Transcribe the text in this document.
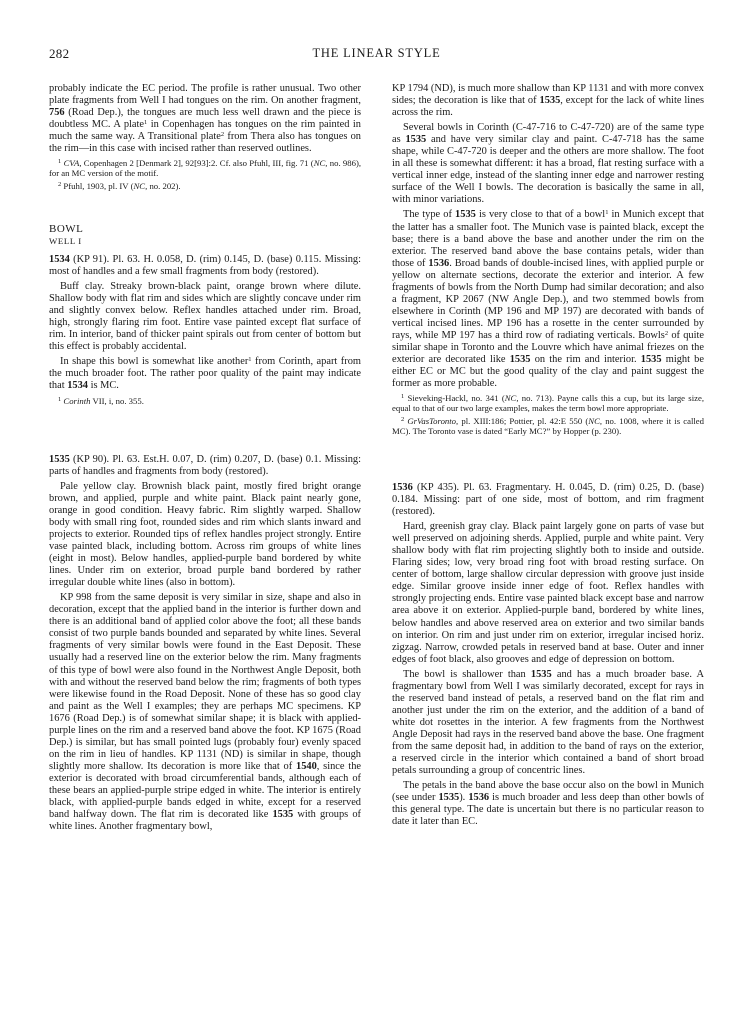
282	THE LINEAR STYLE

probably indicate the EC period. The profile is rather unusual. Two other plate fragments from Well I had tongues on the rim. On another fragment, 756 (Road Dep.), the tongues are much less well drawn and the piece is doubtless MC. A plate$^1$ in Copenhagen has tongues on the rim painted in much the same way. A Transitional plate$^2$ from Thera also has tongues on the rim—in this case with incised rather than reserved outlines.

$^1$ CVA, Copenhagen 2 [Denmark 2], 92[93]:2. Cf. also Pfuhl, III, fig. 71 (NC, no. 986), for an MC version of the motif.

$^2$ Pfuhl, 1903, pl. IV (NC, no. 202).

BOWL

WELL I

1534 (KP 91). Pl. 63. H. 0.058, D. (rim) 0.145, D. (base) 0.115. Missing: most of handles and a few small fragments from body (restored).

Buff clay. Streaky brown-black paint, orange brown where dilute. Shallow body with flat rim and sides which are slightly concave under rim and slightly convex below. Reflex handles attached under rim. Broad, high, strongly flaring rim foot. Entire vase painted except flat surface of rim. In interior, band of thicker paint spirals out from center of bottom but this effect is probably accidental.

In shape this bowl is somewhat like another$^1$ from Corinth, apart from the much broader foot. The rather poor quality of the paint may indicate that 1534 is MC.

$^1$ Corinth VII, i, no. 355.

1535 (KP 90). Pl. 63. Est.H. 0.07, D. (rim) 0.207, D. (base) 0.1. Missing: parts of handles and fragments from body (restored).

Pale yellow clay. Brownish black paint, mostly fired bright orange brown, and applied, purple and white paint. Black paint nearly gone, orange in good condition. Heavy fabric. Rim slightly warped. Shallow body with small ring foot, rounded sides and rim which slants inward and projects to exterior. Rounded tips of reflex handles project strongly. Entire vase painted black, including bottom. Across rim groups of white lines (eight in most). Below handles, applied-purple band bordered by white lines. Under rim on exterior, broad purple band bordered by rather irregular double white lines (also in bottom).

KP 998 from the same deposit is very similar in size, shape and also in decoration, except that the applied band in the interior is further down and there is an additional band of applied color above the foot; all these bands consist of two purple bands bounded and separated by white lines. Several fragments of very similar bowls were found in the East Deposit. These usually had a reserved line on the exterior below the rim. Many fragments of this type of bowl were also found in the Northwest Angle Deposit, both with and without the reserved band below the rim; fragments of both types were likewise found in the Road Deposit. None of these has so good clay and paint as the Well I examples; they are perhaps MC specimens. KP 1676 (Road Dep.) is of somewhat similar shape; it is black with applied-purple lines on the rim and a reserved band above the foot. KP 1675 (Road Dep.) is similar, but has small pointed lugs (probably four) evenly spaced on the rim in lieu of handles. KP 1131 (ND) is similar in shape, though slightly more shallow. Its decoration is more like that of 1540, since the exterior is decorated with broad circumferential bands, although each of these bears an applied-purple stripe edged in white. The interior is entirely black, with applied-purple bands edged in white, except for a reserved band halfway down. The flat rim is decorated like 1535 with groups of white lines. Another fragmentary bowl,

KP 1794 (ND), is much more shallow than KP 1131 and with more convex sides; the decoration is like that of 1535, except for the lack of white lines across the rim.

Several bowls in Corinth (C-47-716 to C-47-720) are of the same type as 1535 and have very similar clay and paint. C-47-718 has the same shape, while C-47-720 is deeper and the others are more shallow. The foot in all these is somewhat different: it has a broad, flat resting surface with a vertical inner edge, instead of the slanting inner edge and narrower resting surface of the Well I bowls. The decoration is basically the same in all, with minor variations.

The type of 1535 is very close to that of a bowl$^1$ in Munich except that the latter has a smaller foot. The Munich vase is painted black, except the base; there is a band above the base and another under the rim on the exterior. The reserved band above the base contains petals, wider than those of 1536. Broad bands of double-incised lines, with applied purple or yellow on alternate sections, decorate the exterior and interior. A few fragments of bowls from the North Dump had similar decoration; and also a fragment, KP 2067 (NW Angle Dep.), and two stemmed bowls from elsewhere in Corinth (MP 196 and MP 197) are decorated with bands of vertical incised lines. MP 196 has a rosette in the center surrounded by rays, while MP 197 has a third row of radiating verticals. Bowls$^2$ of quite similar shape in Toronto and the Louvre which have animal friezes on the exterior are decorated like 1535 on the rim and interior. 1535 might be either EC or MC but the good quality of the clay and paint suggest the former as more probable.

$^1$ Sieveking-Hackl, no. 341 (NC, no. 713). Payne calls this a cup, but its large size, equal to that of our two large examples, makes the term bowl more appropriate.

$^2$ GrVasToronto, pl. XIII:186; Pottier, pl. 42:E 550 (NC, no. 1008, where it is called MC). The Toronto vase is dated “Early MC?” by Hopper (p. 230).

1536 (KP 435). Pl. 63. Fragmentary. H. 0.045, D. (rim) 0.25, D. (base) 0.184. Missing: part of one side, most of bottom, and rim fragment (restored).

Hard, greenish gray clay. Black paint largely gone on parts of vase but well preserved on adjoining sherds. Applied, purple and white paint. Very shallow body with flat rim projecting slightly both to inside and outside. Flaring sides; low, very broad ring foot with broad resting surface. On center of bottom, large shallow circular depression with groove just inside edge. Similar groove inside inner edge of foot. Reflex handles with strongly projecting ends. Entire vase painted black except base and narrow area above it on exterior. Applied-purple band, bordered by white lines, below handles and above reserved area on exterior and two similar bands on interior. On rim and just under rim on exterior, irregular incised horiz. zigzag. Narrow, crowded petals in reserved band at base. Outer and inner edges of foot black, also grooves and edge of depression on bottom.

The bowl is shallower than 1535 and has a much broader base. A fragmentary bowl from Well I was similarly decorated, except for rays in the reserved band instead of petals, a reserved band on the flat rim and another just under the rim on the exterior, and the addition of a band of white dot rosettes in the interior. A few fragments from the Northwest Angle Deposit had rays in the reserved band above the base. One fragment from the same deposit had, in addition to the band of rays on the exterior, a reserved circle in the interior which contained a band of short broad petals surrounding a group of concentric lines.

The petals in the band above the base occur also on the bowl in Munich (see under 1535). 1536 is much broader and less deep than other bowls of this general type. The date is uncertain but there is no particular reason to date it later than EC.
